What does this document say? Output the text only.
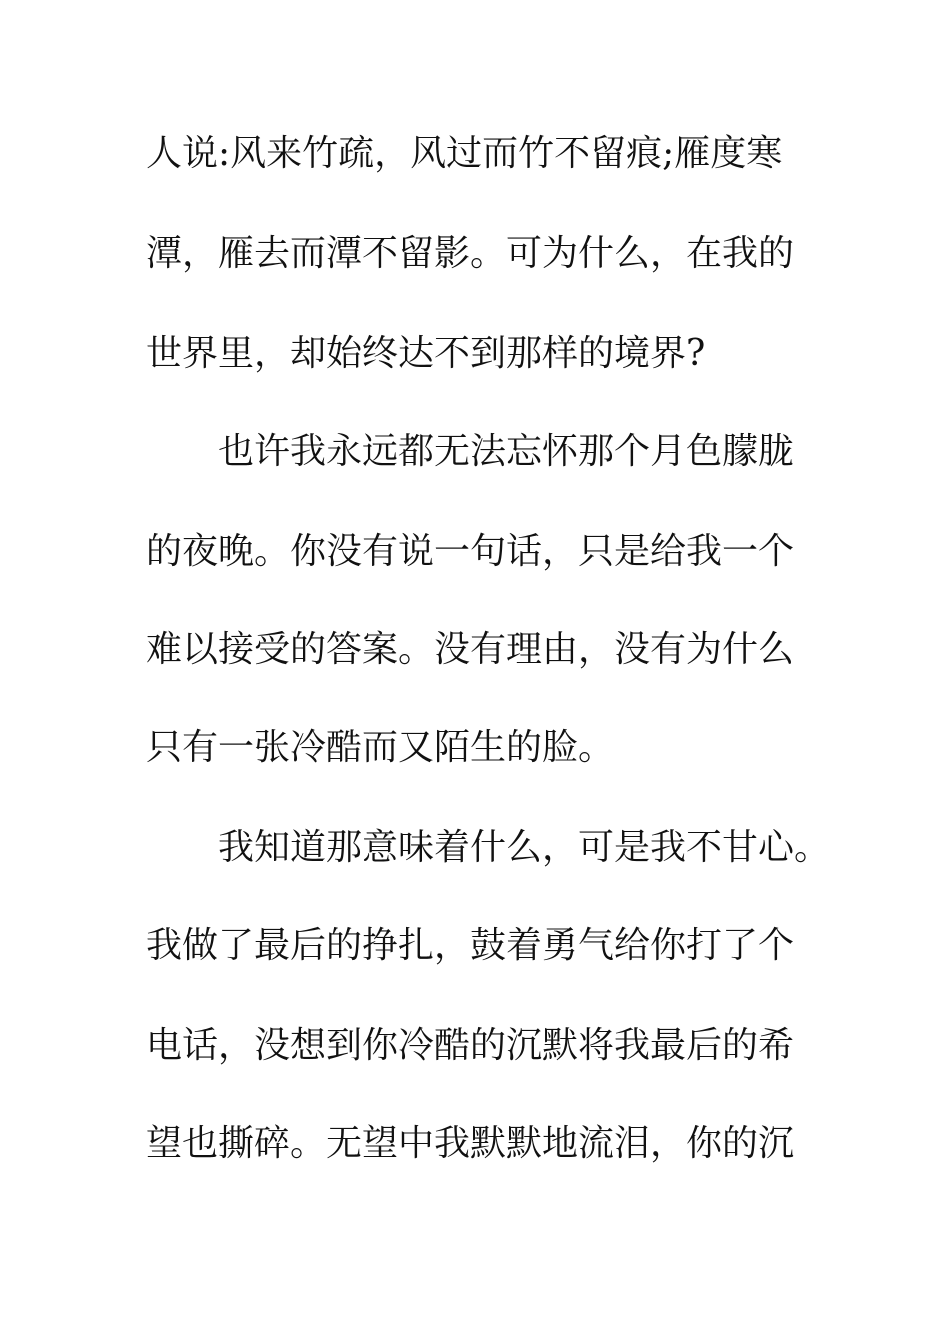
人说:风来竹疏，风过而竹不留痕;雁度寒
潭，雁去而潭不留影。可为什么，在我的
世界里，却始终达不到那样的境界?
也许我永远都无法忘怀那个月色朦胧
的夜晚。你没有说一句话，只是给我一个
难以接受的答案。没有理由，没有为什么
只有一张冷酷而又陌生的脸。
我知道那意味着什么，可是我不甘心。
我做了最后的挣扎，鼓着勇气给你打了个
电话，没想到你冷酷的沉默将我最后的希
望也撕碎。无望中我默默地流泪，你的沉
